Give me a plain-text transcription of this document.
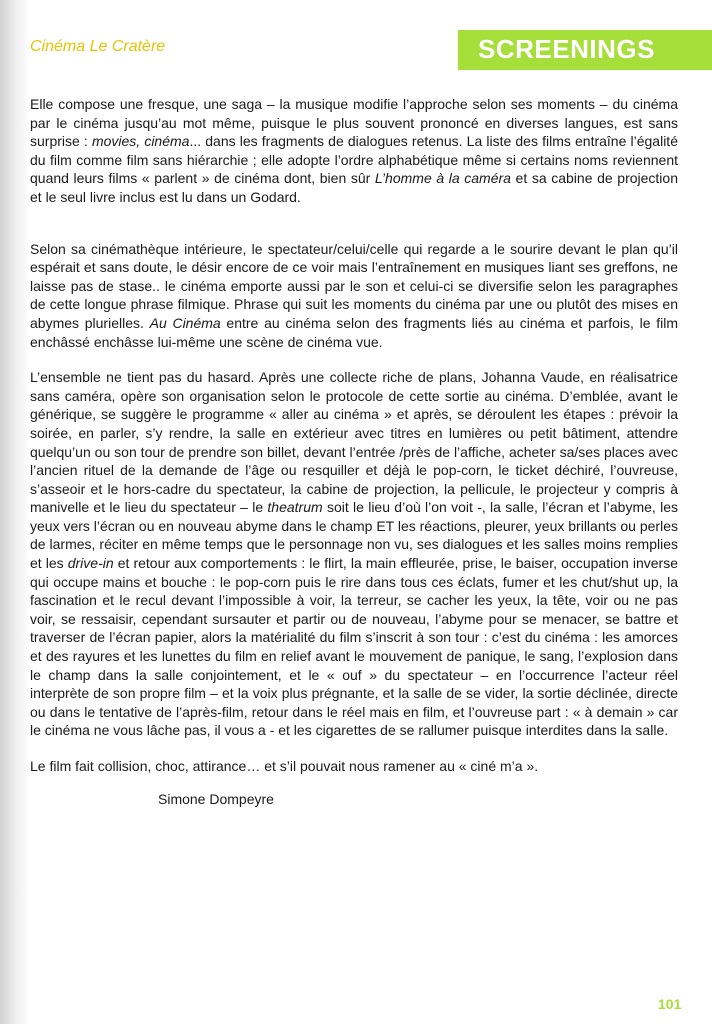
Cinéma Le Cratère	SCREENINGS

Elle compose une fresque, une saga – la musique modifie l’approche selon ses moments – du cinéma par le cinéma jusqu’au mot même, puisque le plus souvent prononcé en diverses langues, est sans surprise : movies, cinéma... dans les fragments de dialogues retenus. La liste des films entraîne l’égalité du film comme film sans hiérarchie ; elle adopte l’ordre alphabétique même si certains noms reviennent quand leurs films « parlent » de cinéma dont, bien sûr L’homme à la caméra et sa cabine de projection et le seul livre inclus est lu dans un Godard.

Selon sa cinémathèque intérieure, le spectateur/celui/celle qui regarde a le sourire devant le plan qu’il espérait et sans doute, le désir encore de ce voir mais l’entraînement en musiques liant ses greffons, ne laisse pas de stase.. le cinéma emporte aussi par le son et celui-ci se diversifie selon les paragraphes de cette longue phrase filmique. Phrase qui suit les moments du cinéma par une ou plutôt des mises en abymes plurielles. Au Cinéma entre au cinéma selon des fragments liés au cinéma et parfois, le film enchâssé enchâsse lui-même une scène de cinéma vue.

L’ensemble ne tient pas du hasard. Après une collecte riche de plans, Johanna Vaude, en réalisatrice sans caméra, opère son organisation selon le protocole de cette sortie au cinéma. D’emblée, avant le générique, se suggère le programme « aller au cinéma » et après, se déroulent les étapes : prévoir la soirée, en parler, s’y rendre, la salle en extérieur avec titres en lumières ou petit bâtiment, attendre quelqu’un ou son tour de prendre son billet, devant l’entrée /près de l’affiche, acheter sa/ses places avec l’ancien rituel de la demande de l’âge ou resquiller et déjà le pop-corn, le ticket déchiré, l’ouvreuse, s’asseoir et le hors-cadre du spectateur, la cabine de projection, la pellicule, le projecteur y compris à manivelle et le lieu du spectateur – le theatrum soit le lieu d’où l’on voit -, la salle, l’écran et l’abyme, les yeux vers l’écran ou en nouveau abyme dans le champ ET les réactions, pleurer, yeux brillants ou perles de larmes, réciter en même temps que le personnage non vu, ses dialogues et les salles moins remplies et les drive-in et retour aux comportements : le flirt, la main effleurée, prise, le baiser, occupation inverse qui occupe mains et bouche : le pop-corn puis le rire dans tous ces éclats, fumer et les chut/shut up, la fascination et le recul devant l’impossible à voir, la terreur, se cacher les yeux, la tête, voir ou ne pas voir, se ressaisir, cependant sursauter et partir ou de nouveau, l’abyme pour se menacer, se battre et traverser de l’écran papier, alors la matérialité du film s’inscrit à son tour : c’est du cinéma : les amorces et des rayures et les lunettes du film en relief avant le mouvement de panique, le sang, l’explosion dans le champ dans la salle conjointement, et le « ouf » du spectateur – en l’occurrence l’acteur réel interprète de son propre film – et la voix plus prégnante, et la salle de se vider, la sortie déclinée, directe ou dans le tentative de l’après-film, retour dans le réel mais en film, et l’ouvreuse part : « à demain » car le cinéma ne vous lâche pas, il vous a - et les cigarettes de se rallumer puisque interdites dans la salle.

Le film fait collision, choc, attirance… et s’il pouvait nous ramener au « ciné m’a ».

Simone Dompeyre
101
